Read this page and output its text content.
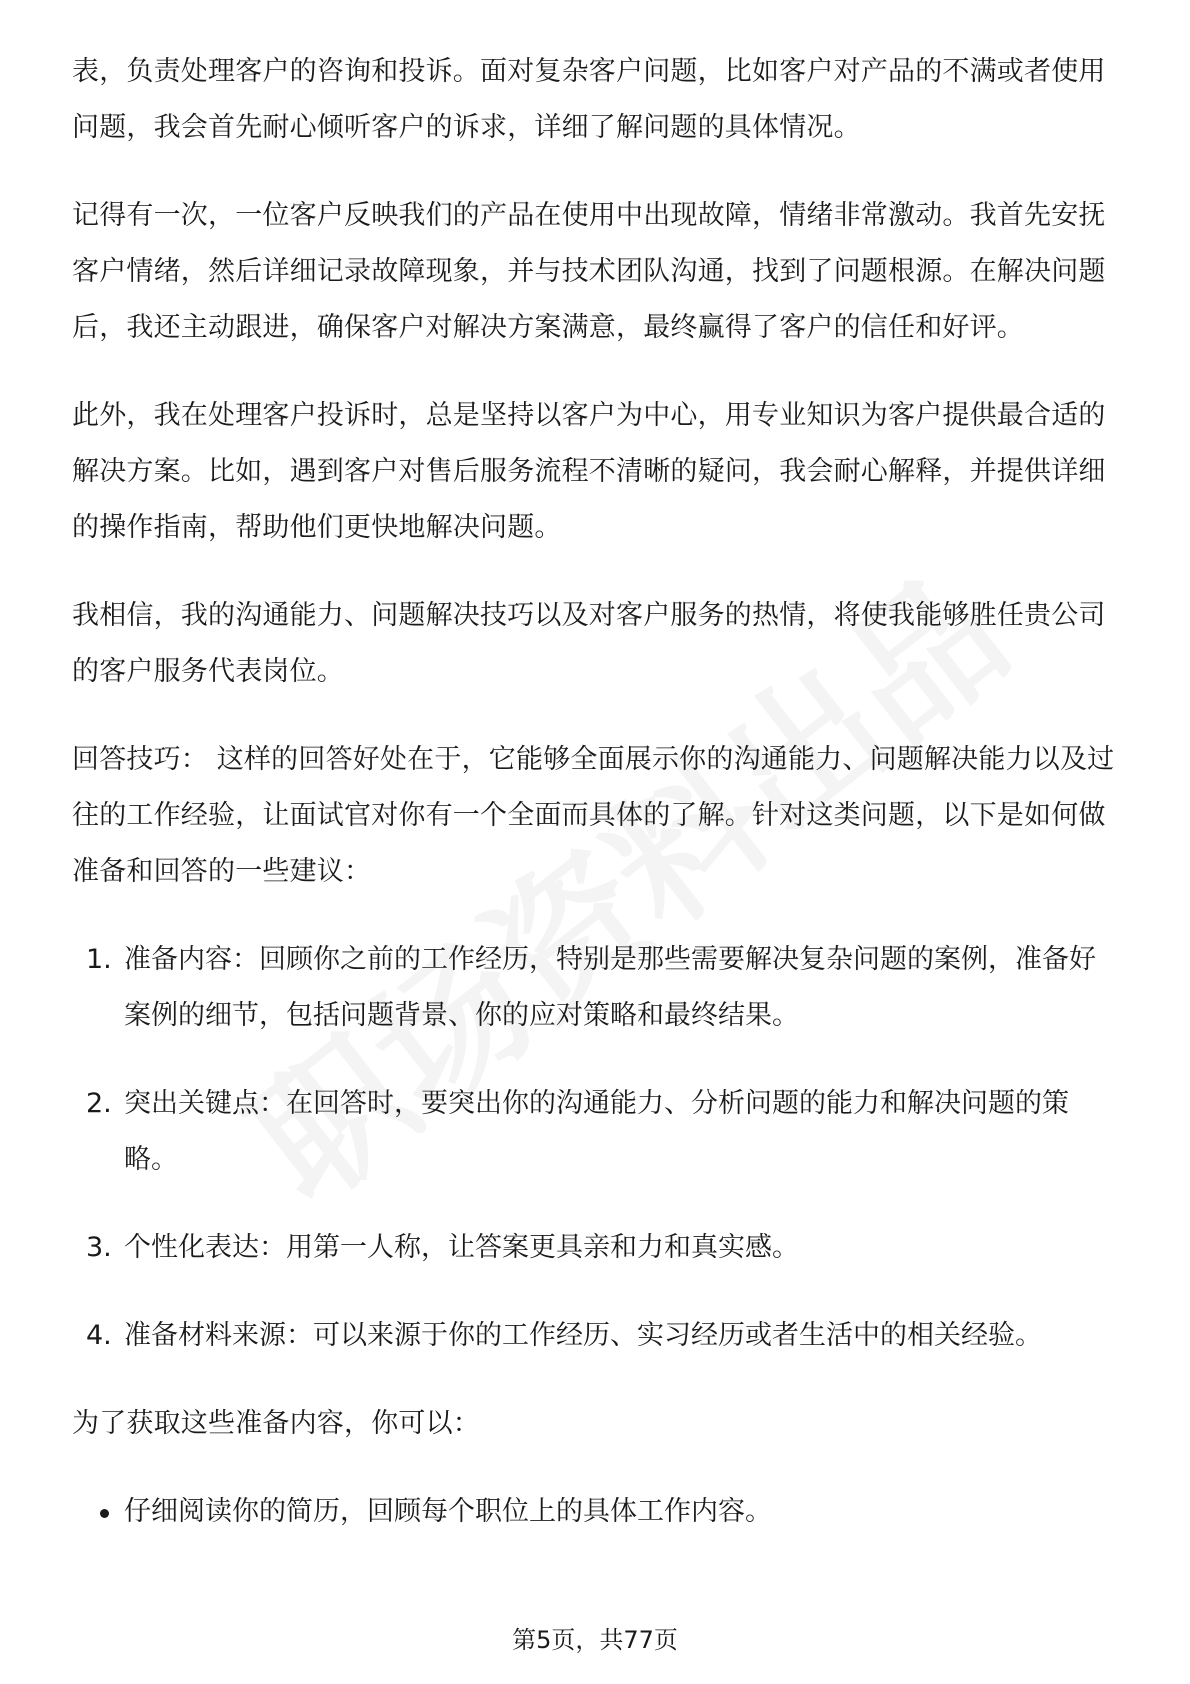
表，负责处理客户的咨询和投诉。面对复杂客户问题，比如客户对产品的不满或者使用问题，我会首先耐心倾听客户的诉求，详细了解问题的具体情况。

记得有一次，一位客户反映我们的产品在使用中出现故障，情绪非常激动。我首先安抚客户情绪，然后详细记录故障现象，并与技术团队沟通，找到了问题根源。在解决问题后，我还主动跟进，确保客户对解决方案满意，最终赢得了客户的信任和好评。

此外，我在处理客户投诉时，总是坚持以客户为中心，用专业知识为客户提供最合适的解决方案。比如，遇到客户对售后服务流程不清晰的疑问，我会耐心解释，并提供详细的操作指南，帮助他们更快地解决问题。

我相信，我的沟通能力、问题解决技巧以及对客户服务的热情，将使我能够胜任贵公司的客户服务代表岗位。

回答技巧： 这样的回答好处在于，它能够全面展示你的沟通能力、问题解决能力以及过往的工作经验，让面试官对你有一个全面而具体的了解。针对这类问题，以下是如何做准备和回答的一些建议：

1. 准备内容：回顾你之前的工作经历，特别是那些需要解决复杂问题的案例，准备好案例的细节，包括问题背景、你的应对策略和最终结果。
2. 突出关键点：在回答时，要突出你的沟通能力、分析问题的能力和解决问题的策略。
3. 个性化表达：用第一人称，让答案更具亲和力和真实感。
4. 准备材料来源：可以来源于你的工作经历、实习经历或者生活中的相关经验。

为了获取这些准备内容，你可以：

仔细阅读你的简历，回顾每个职位上的具体工作内容。
第5页，共77页
